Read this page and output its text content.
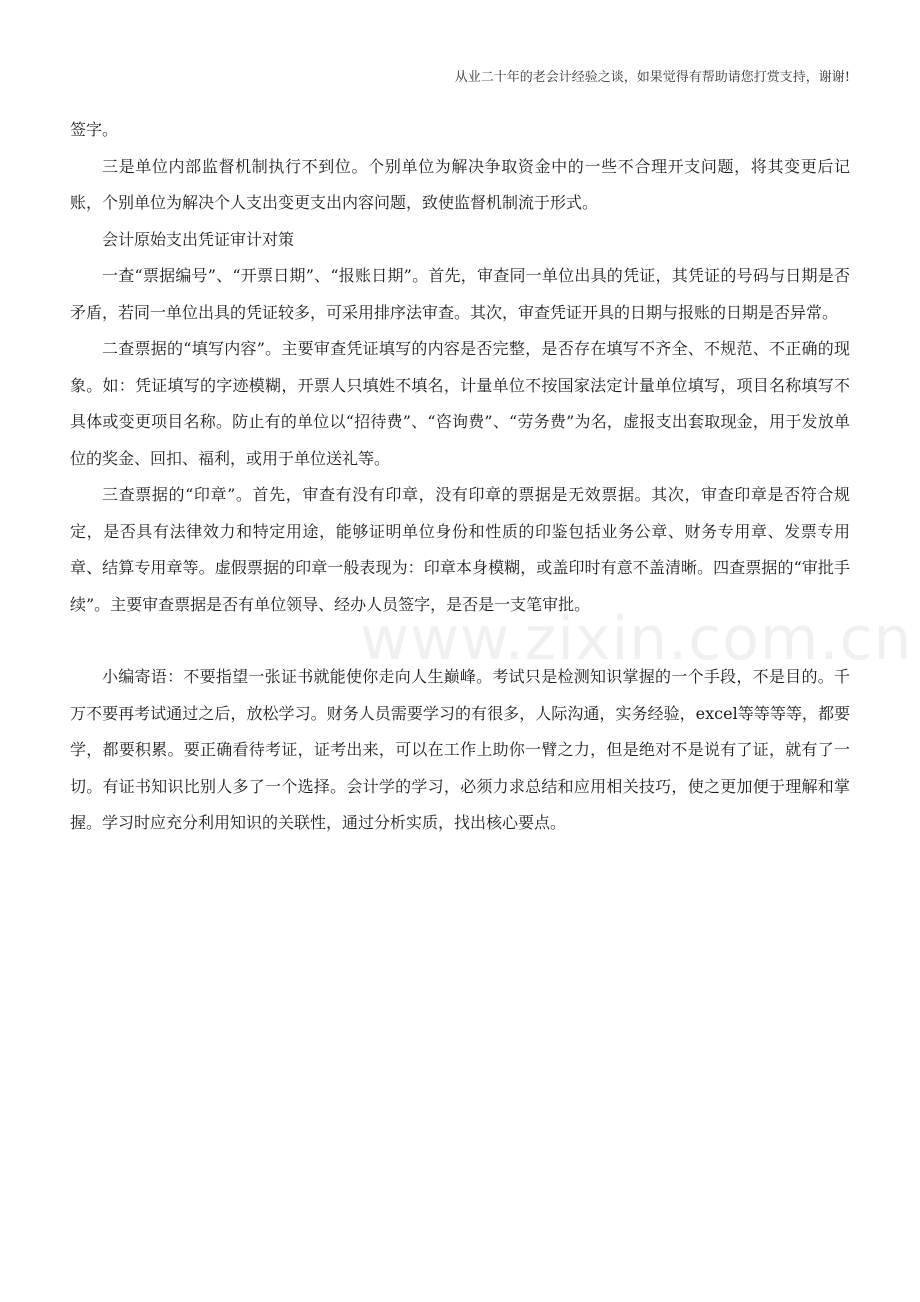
从业二十年的老会计经验之谈，如果觉得有帮助请您打赏支持，谢谢!
www.zixin.com.cn

签字。

三是单位内部监督机制执行不到位。个别单位为解决争取资金中的一些不合理开支问题，将其变更后记账，个别单位为解决个人支出变更支出内容问题，致使监督机制流于形式。

会计原始支出凭证审计对策

一查“票据编号”、“开票日期”、“报账日期”。首先，审查同一单位出具的凭证，其凭证的号码与日期是否矛盾，若同一单位出具的凭证较多，可采用排序法审查。其次，审查凭证开具的日期与报账的日期是否异常。

二查票据的“填写内容”。主要审查凭证填写的内容是否完整，是否存在填写不齐全、不规范、不正确的现象。如：凭证填写的字迹模糊，开票人只填姓不填名，计量单位不按国家法定计量单位填写，项目名称填写不具体或变更项目名称。防止有的单位以“招待费”、“咨询费”、“劳务费”为名，虚报支出套取现金，用于发放单位的奖金、回扣、福利，或用于单位送礼等。

三查票据的“印章”。首先，审查有没有印章，没有印章的票据是无效票据。其次，审查印章是否符合规定，是否具有法律效力和特定用途，能够证明单位身份和性质的印鉴包括业务公章、财务专用章、发票专用章、结算专用章等。虚假票据的印章一般表现为：印章本身模糊，或盖印时有意不盖清晰。四查票据的“审批手续”。主要审查票据是否有单位领导、经办人员签字，是否是一支笔审批。

小编寄语：不要指望一张证书就能使你走向人生巅峰。考试只是检测知识掌握的一个手段，不是目的。千万不要再考试通过之后，放松学习。财务人员需要学习的有很多，人际沟通，实务经验，excel等等等等，都要学，都要积累。要正确看待考证，证考出来，可以在工作上助你一臂之力，但是绝对不是说有了证，就有了一切。有证书知识比别人多了一个选择。会计学的学习，必须力求总结和应用相关技巧，使之更加便于理解和掌握。学习时应充分利用知识的关联性，通过分析实质，找出核心要点。
